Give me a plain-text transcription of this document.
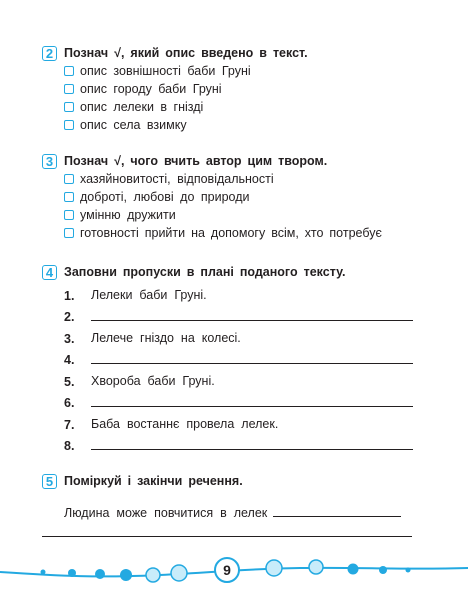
2 Познач √, який опис введено в текст.
опис зовнішності баби Груні
опис городу баби Груні
опис лелеки в гнізді
опис села взимку
3 Познач √, чого вчить автор цим твором.
хазяйновитості, відповідальності
доброті, любові до природи
умінню дружити
готовності прийти на допомогу всім, хто потребує
4 Заповни пропуски в плані поданого тексту.
1.	Лелеки баби Груні.
2.
3.	Лелече гніздо на колесі.
4.
5.	Хвороба баби Груні.
6.
7.	Баба востаннє провела лелек.
8.
5 Поміркуй і закінчи речення.
Людина може повчитися в лелек
9
